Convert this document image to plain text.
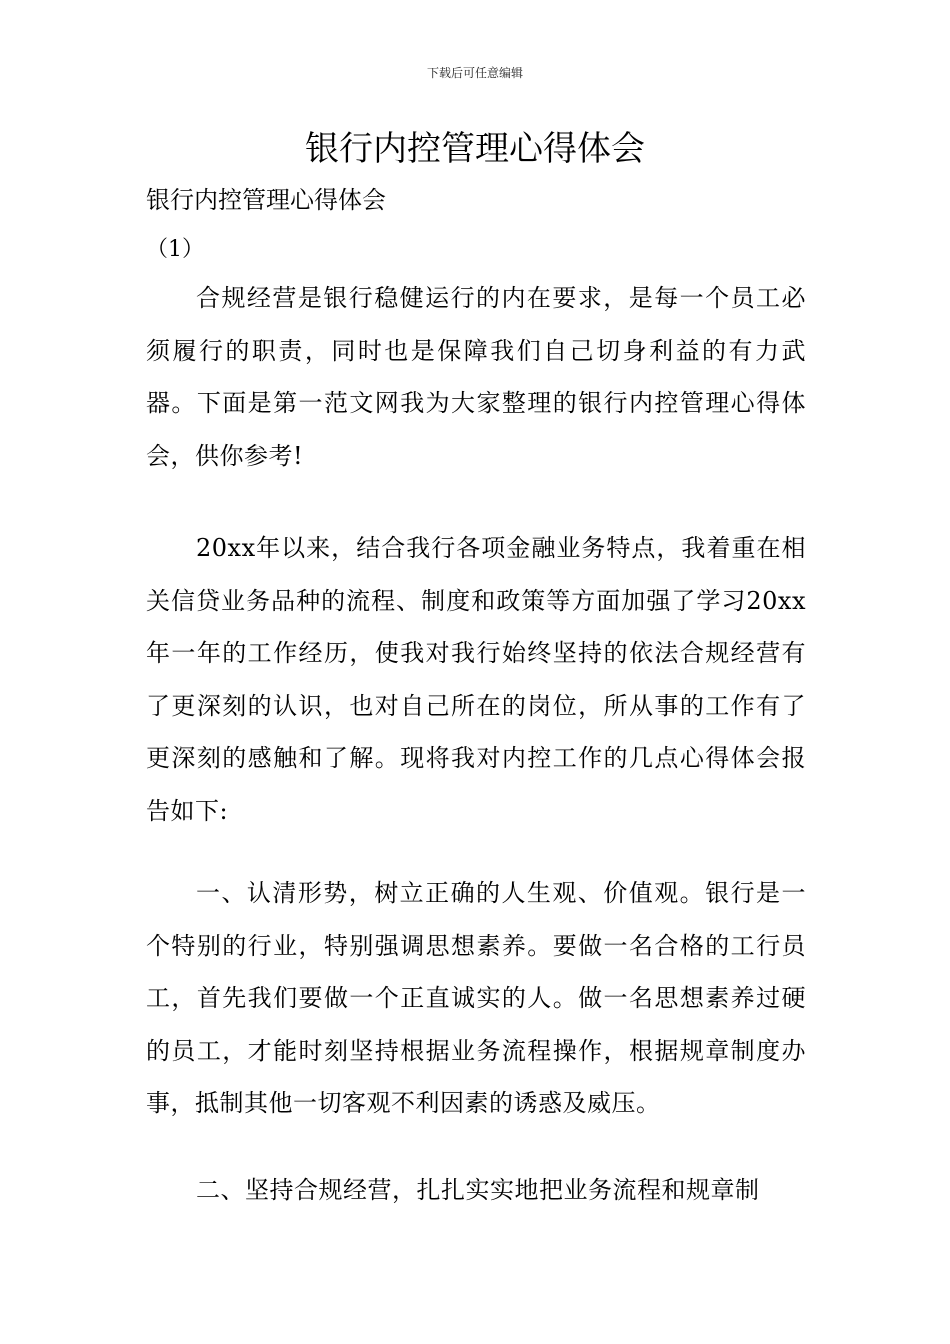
下载后可任意编辑
银行内控管理心得体会

银行内控管理心得体会

（1）

合规经营是银行稳健运行的内在要求，是每一个员工必须履行的职责，同时也是保障我们自己切身利益的有力武器。下面是第一范文网我为大家整理的银行内控管理心得体会，供你参考!

20xx年以来，结合我行各项金融业务特点，我着重在相关信贷业务品种的流程、制度和政策等方面加强了学习20xx年一年的工作经历，使我对我行始终坚持的依法合规经营有了更深刻的认识，也对自己所在的岗位，所从事的工作有了更深刻的感触和了解。现将我对内控工作的几点心得体会报告如下:

一、认清形势，树立正确的人生观、价值观。银行是一个特别的行业，特别强调思想素养。要做一名合格的工行员工，首先我们要做一个正直诚实的人。做一名思想素养过硬的员工，才能时刻坚持根据业务流程操作，根据规章制度办事，抵制其他一切客观不利因素的诱惑及威压。

二、坚持合规经营，扎扎实实地把业务流程和规章制
